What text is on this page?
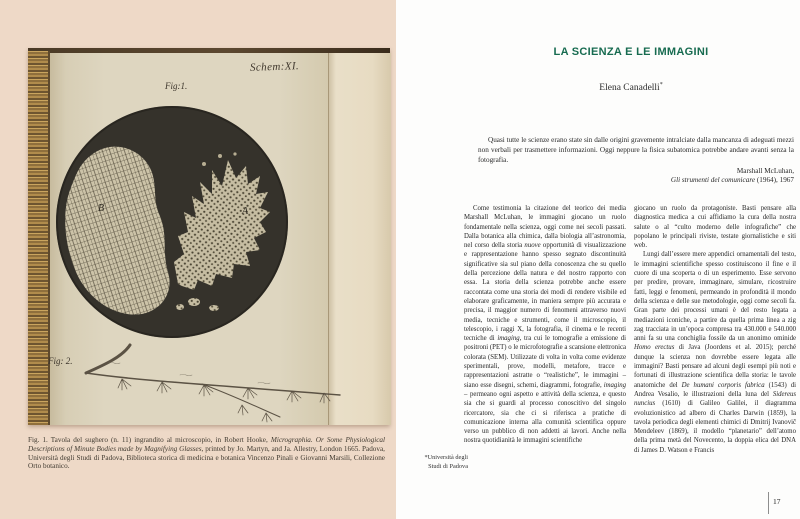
Schem:XI.
Fig:1.
B	A
Fig: 2.

Fig. 1. Tavola del sughero (n. 11) ingrandito al microscopio, in Robert Hooke, Micrographia. Or Some Physiological Descriptions of Minute Bodies made by Magnifying Glasses, printed by Jo. Martyn, and Ja. Allestry, London 1665. Padova, Università degli Studi di Padova, Biblioteca storica di medicina e botanica Vincenzo Pinali e Giovanni Marsili, Collezione Orto botanico.

LA SCIENZA E LE IMMAGINI
Elena Canadelli*

Quasi tutte le scienze erano state sin dalle origini gravemente intralciate dalla mancanza di adeguati mezzi non verbali per trasmettere informazioni. Oggi neppure la fisica subatomica potrebbe andare avanti senza la fotografia.

Marshall McLuhan,
Gli strumenti del comunicare (1964), 1967

Come testimonia la citazione del teorico dei media Marshall McLuhan, le immagini giocano un ruolo fondamentale nella scienza, oggi come nei secoli passati. Dalla botanica alla chimica, dalla biologia all’astronomia, nel corso della storia nuove opportunità di visualizzazione e rappresentazione hanno spesso segnato discontinuità significative sia sul piano della conoscenza che su quello della percezione della natura e del nostro rapporto con essa. La storia della scienza potrebbe anche essere raccontata come una storia dei modi di rendere visibile ed elaborare graficamente, in maniera sempre più accurata e precisa, il maggior numero di fenomeni attraverso nuovi media, tecniche e strumenti, come il microscopio, il telescopio, i raggi X, la fotografia, il cinema e le recenti tecniche di imaging, tra cui le tomografie a emissione di positroni (PET) o le microfotografie a scansione elettronica colorata (SEM). Utilizzate di volta in volta come evidenze sperimentali, prove, modelli, metafore, tracce e rappresentazioni astratte o “realistiche”, le immagini – siano esse disegni, schemi, diagrammi, fotografie, imaging – permeano ogni aspetto e attività della scienza, e questo sia che si guardi al processo conoscitivo del singolo ricercatore, sia che ci si riferisca a pratiche di comunicazione interna alla comunità scientifica oppure verso un pubblico di non addetti ai lavori. Anche nella nostra quotidianità le immagini scientifiche

giocano un ruolo da protagoniste. Basti pensare alla diagnostica medica a cui affidiamo la cura della nostra salute o al “culto moderno delle infografiche” che popolano le principali riviste, testate giornalistiche e siti web.

Lungi dall’essere mere appendici ornamentali del testo, le immagini scientifiche spesso costituiscono il fine e il cuore di una scoperta o di un esperimento. Esse servono per predire, provare, immaginare, simulare, ricostruire fatti, leggi e fenomeni, permeando in profondità il mondo della scienza e delle sue metodologie, oggi come secoli fa. Gran parte dei processi umani è del resto legata a mediazioni iconiche, a partire da quella prima linea a zig zag tracciata in un’epoca compresa tra 430.000 e 540.000 anni fa su una conchiglia fossile da un anonimo ominide Homo erectus di Java (Joordens et al. 2015); perché dunque la scienza non dovrebbe essere legata alle immagini? Basti pensare ad alcuni degli esempi più noti e fortunati di illustrazione scientifica della storia: le tavole anatomiche del De humani corporis fabrica (1543) di Andrea Vesalio, le illustrazioni della luna del Sidereus nuncius (1610) di Galileo Galilei, il diagramma evoluzionistico ad albero di Charles Darwin (1859), la tavola periodica degli elementi chimici di Dmitrij Ivanovič Mendeleev (1869), il modello “planetario” dell’atomo della prima metà del Novecento, la doppia elica del DNA di James D. Watson e Francis

*Università degli Studi di Padova
17
